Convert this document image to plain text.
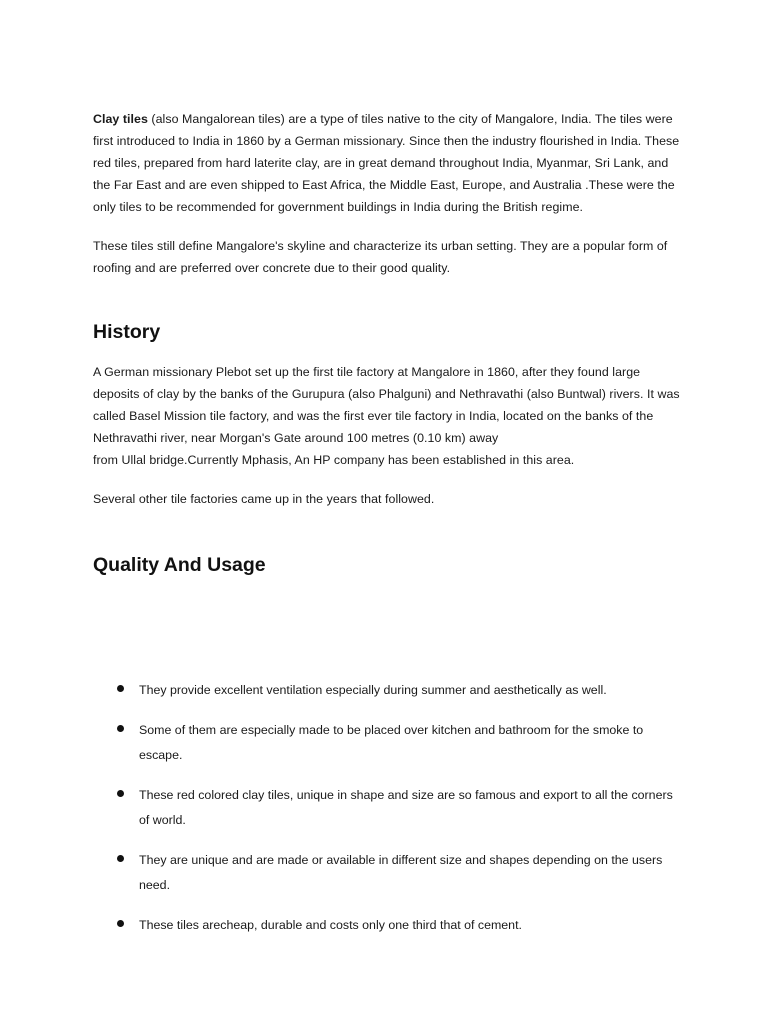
Clay tiles (also Mangalorean tiles) are a type of tiles native to the city of Mangalore, India. The tiles were first introduced to India in 1860 by a German missionary. Since then the industry flourished in India. These red tiles, prepared from hard laterite clay, are in great demand throughout India, Myanmar, Sri Lank, and the Far East and are even shipped to East Africa, the Middle East, Europe, and Australia .These were the only tiles to be recommended for government buildings in India during the British regime.

These tiles still define Mangalore's skyline and characterize its urban setting. They are a popular form of roofing and are preferred over concrete due to their good quality.

History

A German missionary Plebot set up the first tile factory at Mangalore in 1860, after they found large deposits of clay by the banks of the Gurupura (also Phalguni) and Nethravathi (also Buntwal) rivers. It was called Basel Mission tile factory, and was the first ever tile factory in India, located on the banks of the Nethravathi river, near Morgan's Gate around 100 metres (0.10 km) away
from Ullal bridge.Currently Mphasis, An HP company has been established in this area.

Several other tile factories came up in the years that followed.

Quality And Usage
They provide excellent ventilation especially during summer and aesthetically as well.
Some of them are especially made to be placed over kitchen and bathroom for the smoke to escape.
These red colored clay tiles, unique in shape and size are so famous and export to all the corners of world.
They are unique and are made or available in different size and shapes depending on the users need.
These tiles arecheap, durable and costs only one third that of cement.
